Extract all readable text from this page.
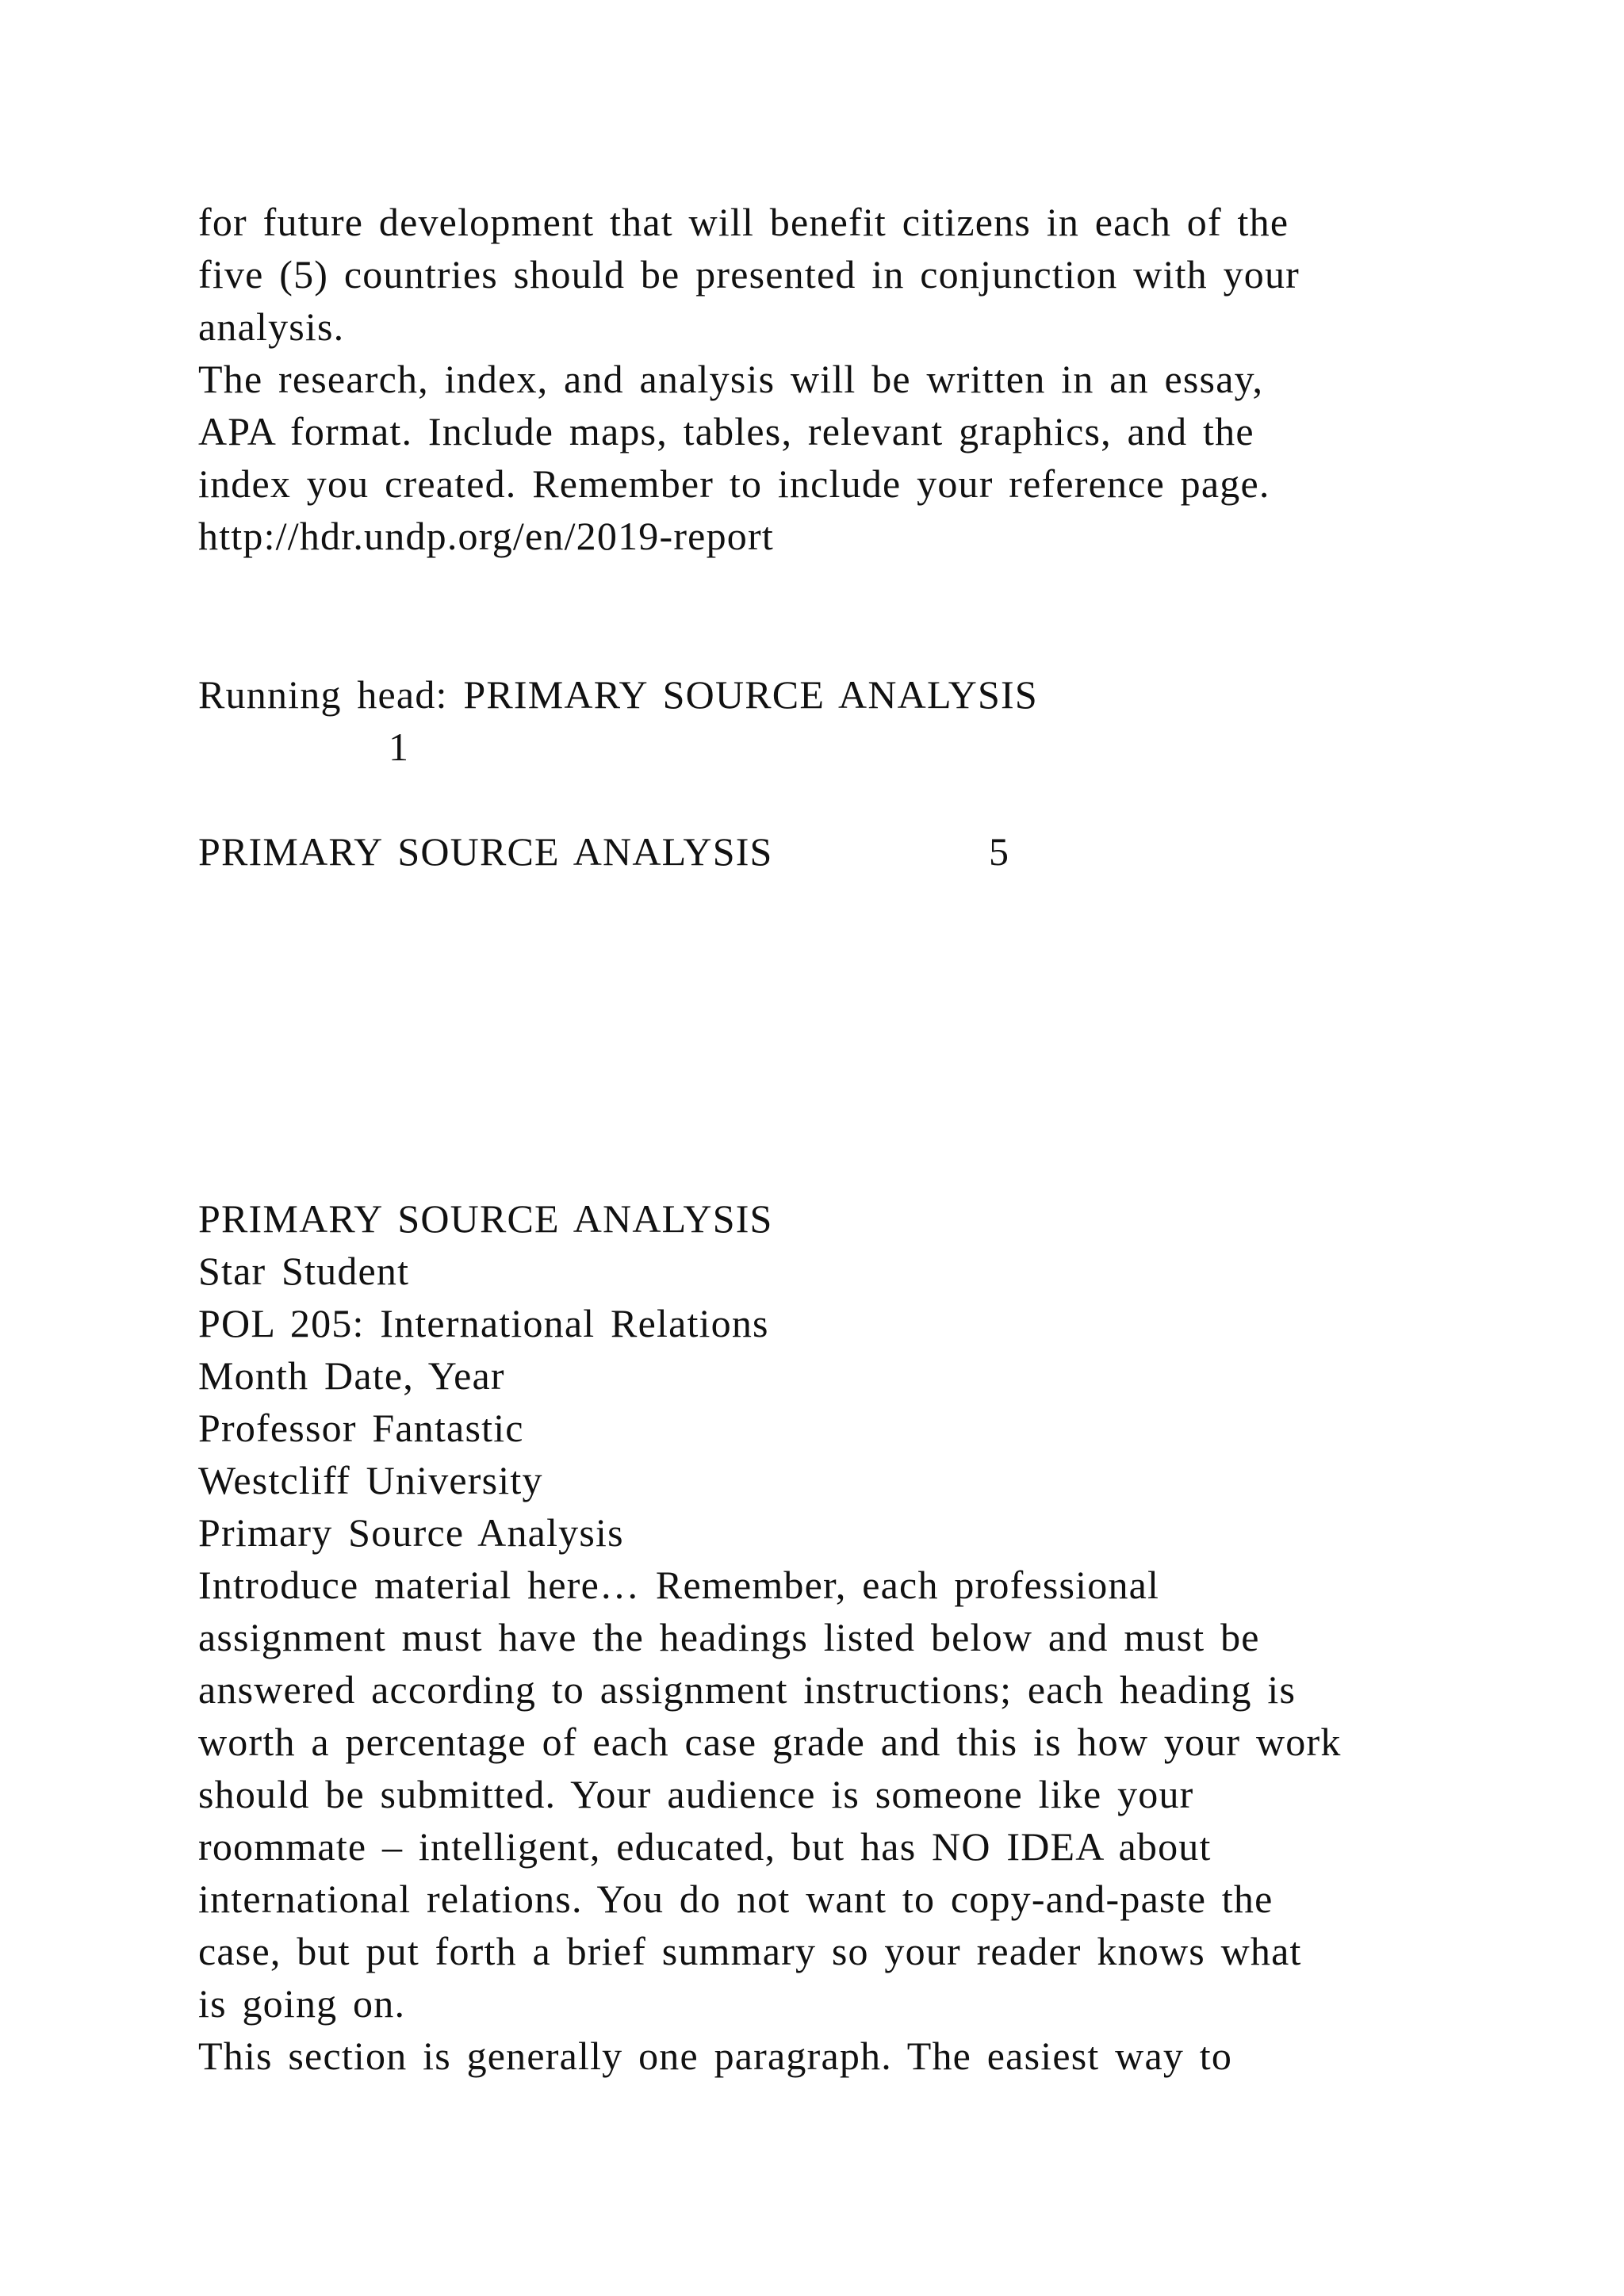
for future development that will benefit citizens in each of the
five (5) countries should be presented in conjunction with your
analysis.
The research, index, and analysis will be written in an essay,
APA format. Include maps, tables, relevant graphics, and the
index you created. Remember to include your reference page.
http://hdr.undp.org/en/2019-report
Running head: PRIMARY SOURCE ANALYSIS
1
PRIMARY SOURCE ANALYSIS	5
PRIMARY SOURCE ANALYSIS
Star Student
POL 205: International Relations
Month Date, Year
Professor Fantastic
Westcliff University
Primary Source Analysis
Introduce material here… Remember, each professional
assignment must have the headings listed below and must be
answered according to assignment instructions; each heading is
worth a percentage of each case grade and this is how your work
should be submitted. Your audience is someone like your
roommate – intelligent, educated, but has NO IDEA about
international relations. You do not want to copy-and-paste the
case, but put forth a brief summary so your reader knows what
is going on.
This section is generally one paragraph. The easiest way to
